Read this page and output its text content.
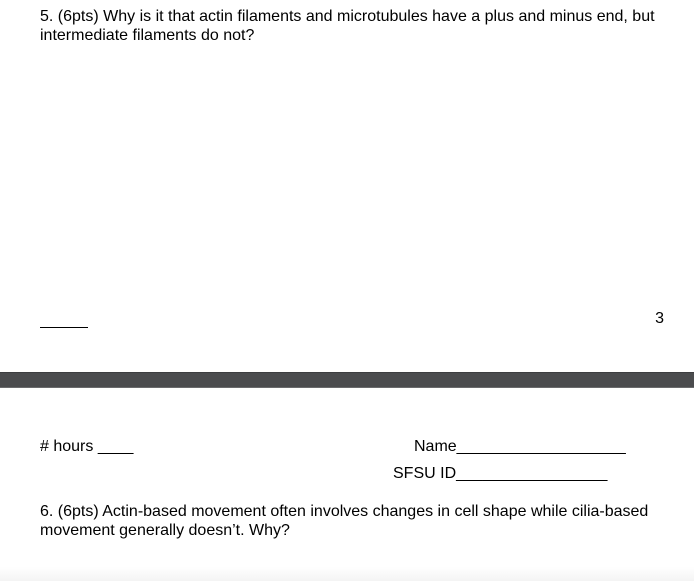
5. (6pts) Why is it that actin filaments and microtubules have a plus and minus end, but
intermediate filaments do not?
3
# hours ____	Name___________________
SFSU ID_________________
6. (6pts) Actin-based movement often involves changes in cell shape while cilia-based
movement generally doesn’t. Why?
